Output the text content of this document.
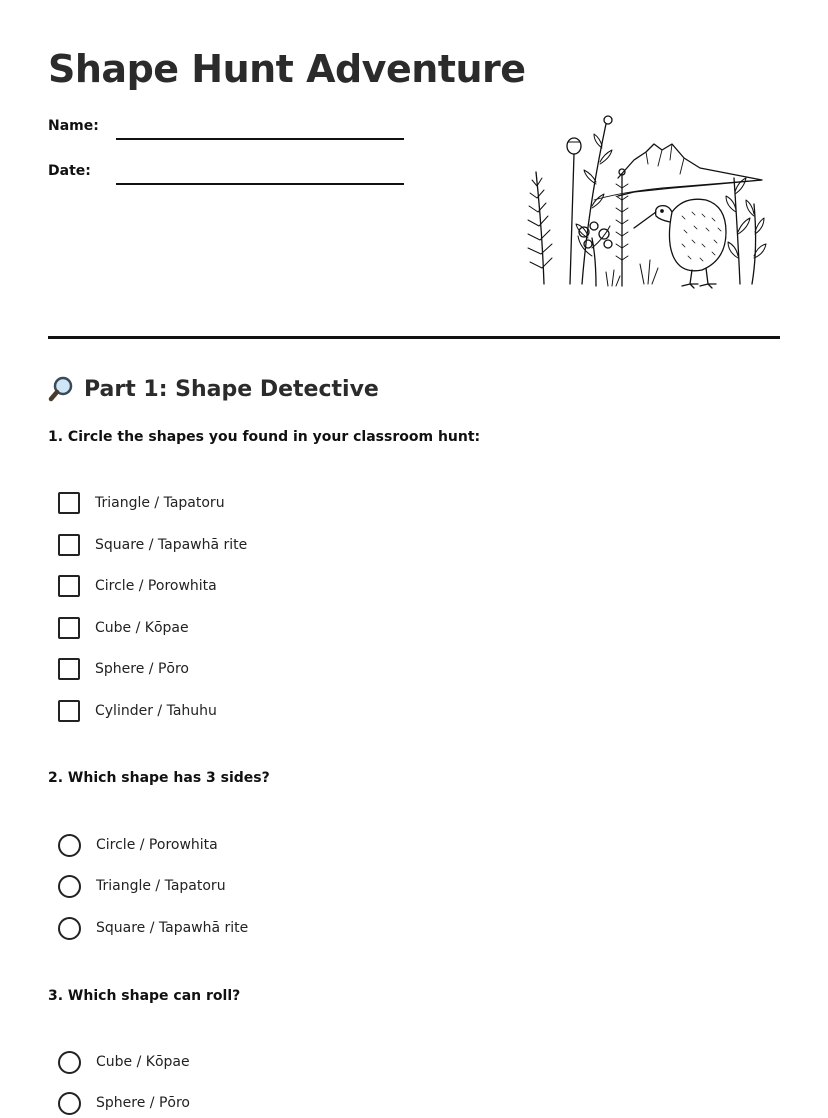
Shape Hunt Adventure
Name:
Date:
Part 1: Shape Detective
1. Circle the shapes you found in your classroom hunt:
Triangle / Tapatoru
Square / Tapawhā rite
Circle / Porowhita
Cube / Kōpae
Sphere / Pōro
Cylinder / Tahuhu
2. Which shape has 3 sides?
Circle / Porowhita
Triangle / Tapatoru
Square / Tapawhā rite
3. Which shape can roll?
Cube / Kōpae
Sphere / Pōro
